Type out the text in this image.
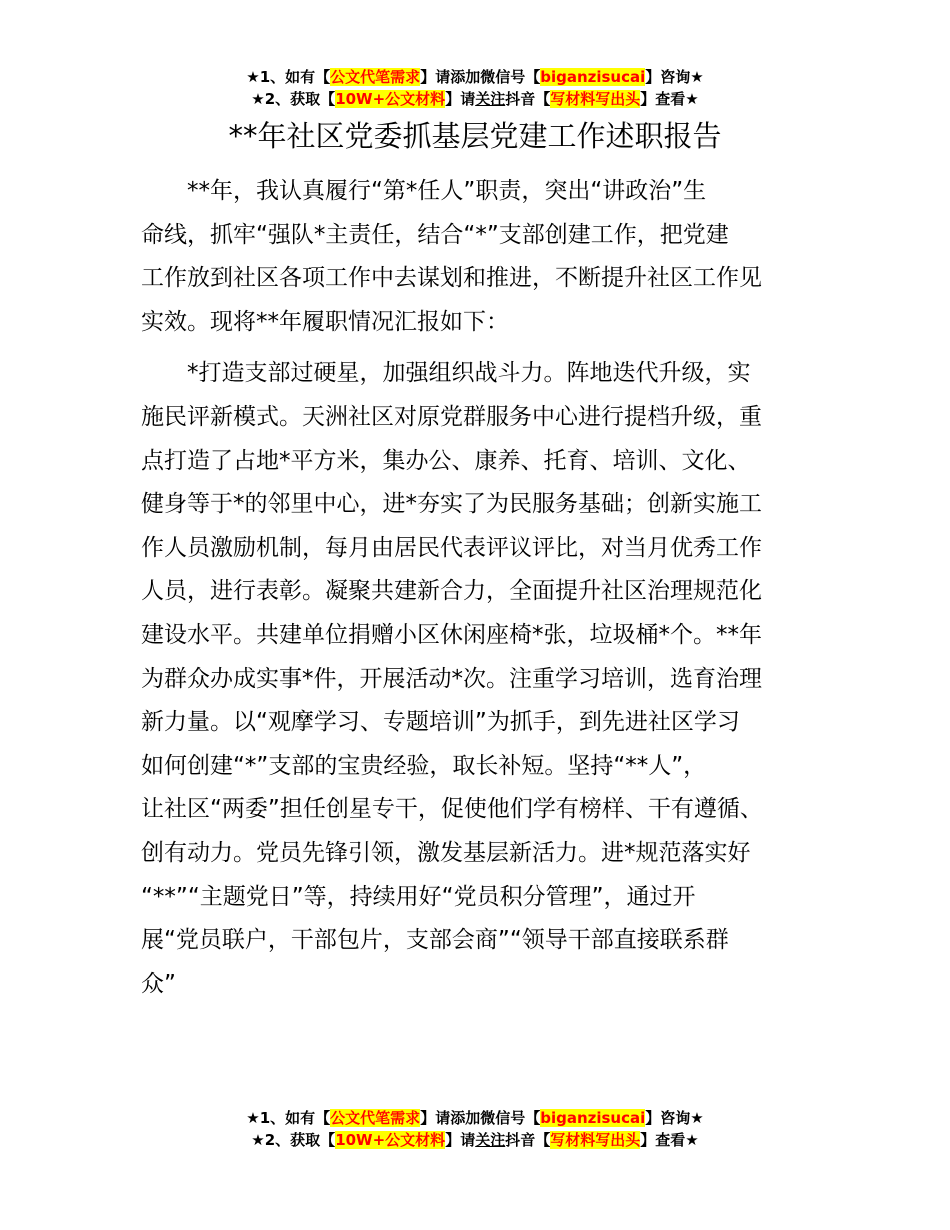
★1、如有【公文代笔需求】请添加微信号【biganzisucai】咨询★
★2、获取【10W+公文材料】请关注抖音【写材料写出头】查看★
**年社区党委抓基层党建工作述职报告

　　**年，我认真履行“第*任人”职责，突出“讲政治”生
命线，抓牢“强队*主责任，结合“*”支部创建工作，把党建
工作放到社区各项工作中去谋划和推进，不断提升社区工作见
实效。现将**年履职情况汇报如下：

　　*打造支部过硬星，加强组织战斗力。阵地迭代升级，实
施民评新模式。天洲社区对原党群服务中心进行提档升级，重
点打造了占地*平方米，集办公、康养、托育、培训、文化、
健身等于*的邻里中心，进*夯实了为民服务基础；创新实施工
作人员激励机制，每月由居民代表评议评比，对当月优秀工作
人员，进行表彰。凝聚共建新合力，全面提升社区治理规范化
建设水平。共建单位捐赠小区休闲座椅*张，垃圾桶*个。**年
为群众办成实事*件，开展活动*次。注重学习培训，选育治理
新力量。以“观摩学习、专题培训”为抓手，到先进社区学习
如何创建“*”支部的宝贵经验，取长补短。坚持“**人”，
让社区“两委”担任创星专干，促使他们学有榜样、干有遵循、
创有动力。党员先锋引领，激发基层新活力。进*规范落实好
“**”“主题党日”等，持续用好“党员积分管理”，通过开
展“党员联户，干部包片，支部会商”“领导干部直接联系群
众”

★1、如有【公文代笔需求】请添加微信号【biganzisucai】咨询★
★2、获取【10W+公文材料】请关注抖音【写材料写出头】查看★
